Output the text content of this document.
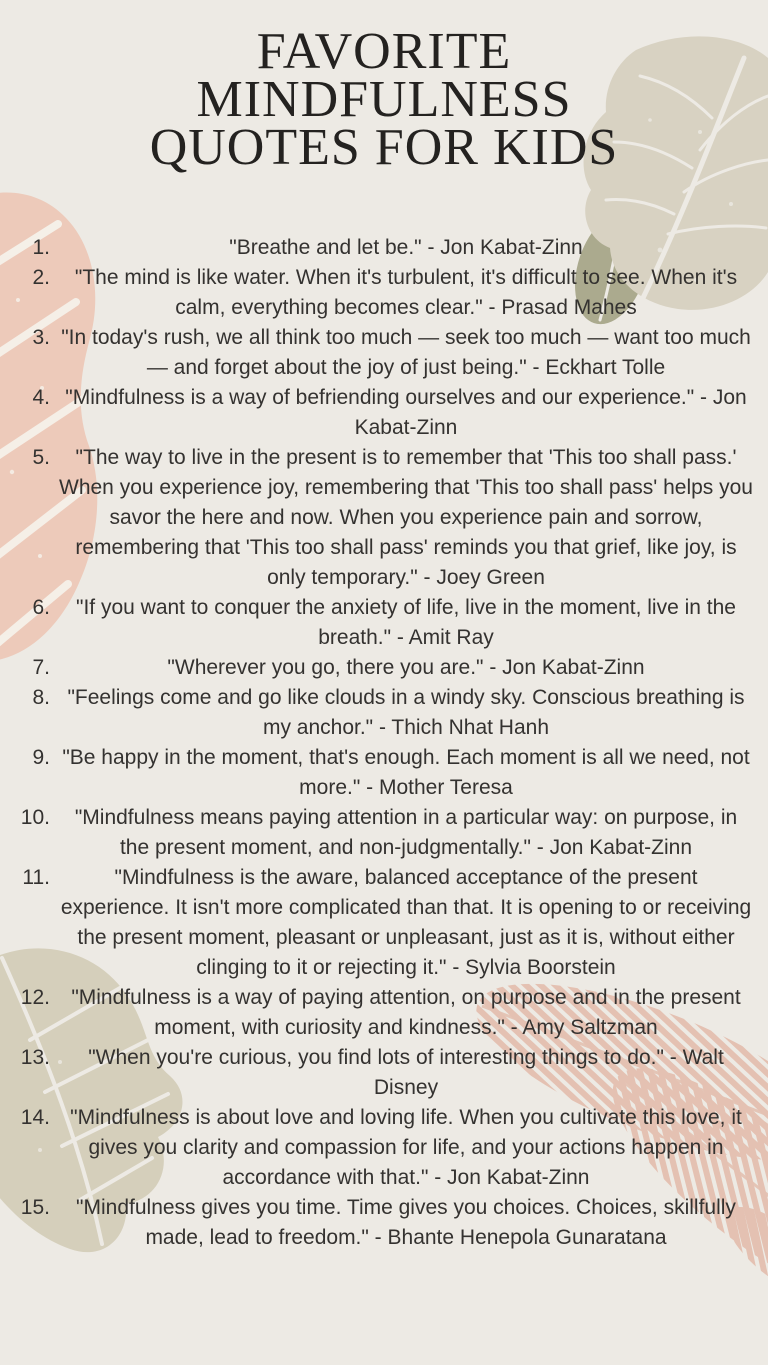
FAVORITE
MINDFULNESS
QUOTES FOR KIDS
1.	"Breathe and let be." - Jon Kabat-Zinn
2. "The mind is like water. When it's turbulent, it's difficult to see. When it's calm, everything becomes clear." - Prasad Mahes
3. "In today's rush, we all think too much — seek too much — want too much — and forget about the joy of just being." - Eckhart Tolle
4. "Mindfulness is a way of befriending ourselves and our experience." - Jon Kabat-Zinn
5. "The way to live in the present is to remember that 'This too shall pass.' When you experience joy, remembering that 'This too shall pass' helps you savor the here and now. When you experience pain and sorrow, remembering that 'This too shall pass' reminds you that grief, like joy, is only temporary." - Joey Green
6. "If you want to conquer the anxiety of life, live in the moment, live in the breath." - Amit Ray
7.	"Wherever you go, there you are." - Jon Kabat-Zinn
8. "Feelings come and go like clouds in a windy sky. Conscious breathing is my anchor." - Thich Nhat Hanh
9. "Be happy in the moment, that's enough. Each moment is all we need, not more." - Mother Teresa
10. "Mindfulness means paying attention in a particular way: on purpose, in the present moment, and non-judgmentally." - Jon Kabat-Zinn
11.	"Mindfulness is the aware, balanced acceptance of the present experience. It isn't more complicated than that. It is opening to or receiving the present moment, pleasant or unpleasant, just as it is, without either clinging to it or rejecting it." - Sylvia Boorstein
12. "Mindfulness is a way of paying attention, on purpose and in the present moment, with curiosity and kindness." - Amy Saltzman
13. "When you're curious, you find lots of interesting things to do." - Walt Disney
14. "Mindfulness is about love and loving life. When you cultivate this love, it gives you clarity and compassion for life, and your actions happen in accordance with that." - Jon Kabat-Zinn
15. "Mindfulness gives you time. Time gives you choices. Choices, skillfully made, lead to freedom." - Bhante Henepola Gunaratana
